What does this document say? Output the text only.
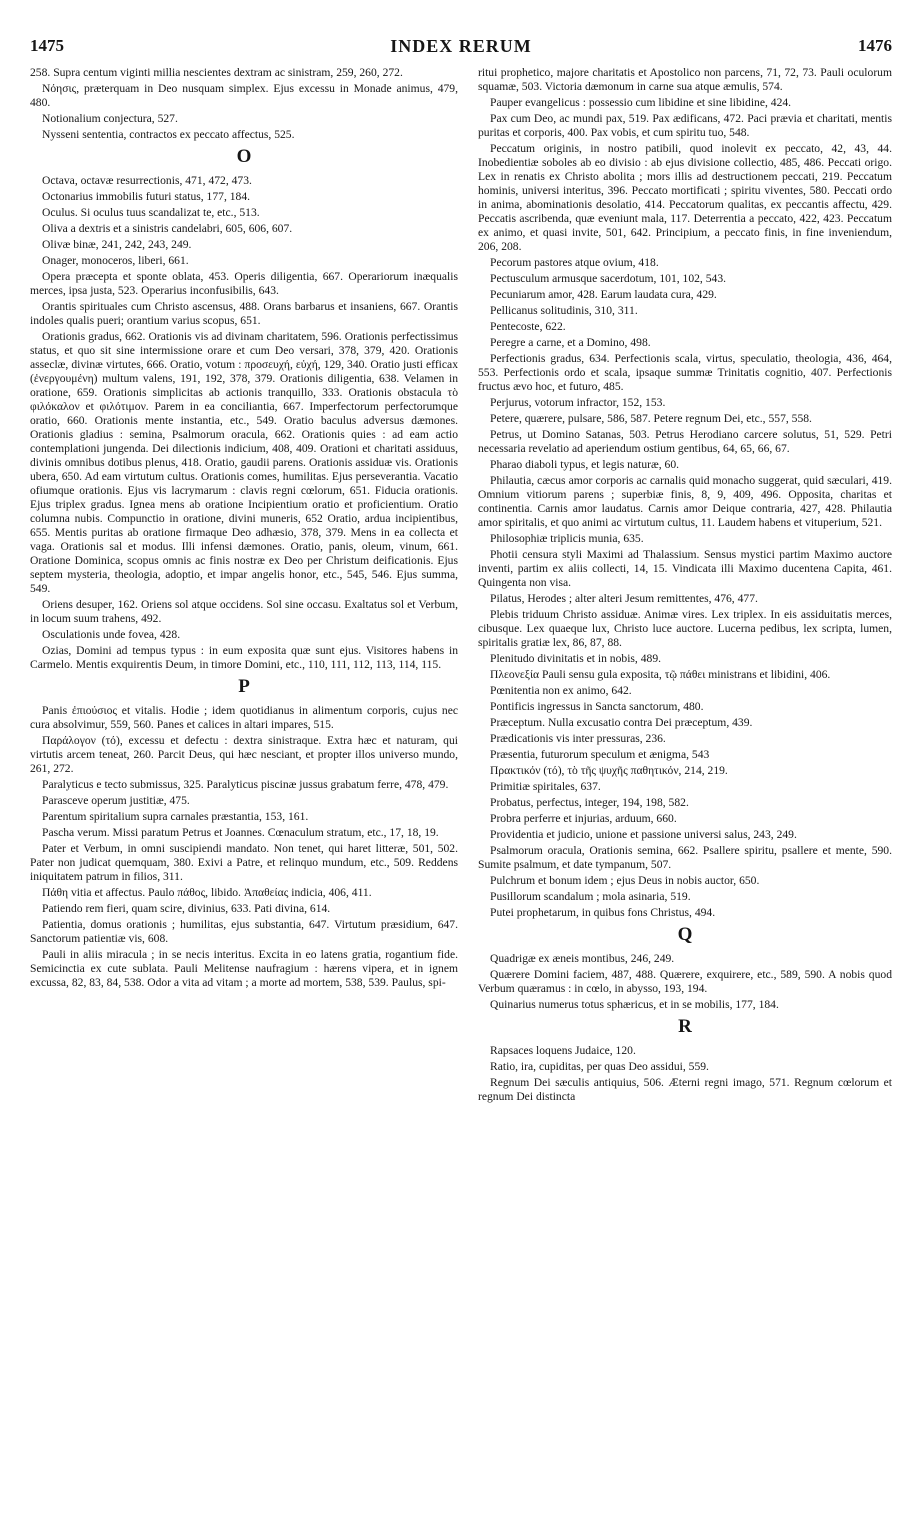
1475	INDEX RERUM	1476

258. Supra centum viginti millia nescientes dextram ac sinistram, 259, 260, 272.

Νόησις, præterquam in Deo nusquam simplex. Ejus excessu in Monade animus, 479, 480.

Notionalium conjectura, 527.

Nysseni sententia, contractos ex peccato affectus, 525.

O

Octava, octavæ resurrectionis, 471, 472, 473.

Octonarius immobilis futuri status, 177, 184.

Oculus. Si oculus tuus scandalizat te, etc., 513.

Oliva a dextris et a sinistris candelabri, 605, 606, 607.

Olivæ binæ, 241, 242, 243, 249.

Onager, monoceros, liberi, 661.

Opera præcepta et sponte oblata, 453. Operis diligentia, 667. Operariorum inæqualis merces, ipsa justa, 523. Operarius inconfusibilis, 643.

Orantis spirituales cum Christo ascensus, 488. Orans barbarus et insaniens, 667. Orantis indoles qualis pueri; orantium varius scopus, 651.

Orationis gradus, 662. Orationis vis ad divinam charitatem, 596. Orationis perfectissimus status, et quo sit sine intermissione orare et cum Deo versari, 378, 379, 420. Orationis asseclæ, divinæ virtutes, 666. Oratio, votum : προσευχή, εὐχή, 129, 340. Oratio justi efficax (ἐνεργουμένη) multum valens, 191, 192, 378, 379. Orationis diligentia, 638. Velamen in oratione, 659. Orationis simplicitas ab actionis tranquillo, 333. Orationis obstacula τὸ φιλόκαλον et φιλότιμον. Parem in ea conciliantia, 667. Imperfectorum perfectorumque oratio, 660. Orationis mente instantia, etc., 549. Oratio baculus adversus dæmones. Orationis gladius : semina, Psalmorum oracula, 662. Orationis quies : ad eam actio contemplationi jungenda. Dei dilectionis indicium, 408, 409. Orationi et charitati assiduus, divinis omnibus dotibus plenus, 418. Oratio, gaudii parens. Orationis assiduæ vis. Orationis ubera, 650. Ad eam virtutum cultus. Orationis comes, humilitas. Ejus perseverantia. Vacatio ofiumque orationis. Ejus vis lacrymarum : clavis regni cœlorum, 651. Fiducia orationis. Ejus triplex gradus. Ignea mens ab oratione Incipientium oratio et proficientium. Oratio columna nubis. Compunctio in oratione, divini muneris, 652 Oratio, ardua incipientibus, 655. Mentis puritas ab oratione firmaque Deo adhæsio, 378, 379. Mens in ea collecta et vaga. Orationis sal et modus. Illi infensi dæmones. Oratio, panis, oleum, vinum, 661. Oratione Dominica, scopus omnis ac finis nostræ ex Deo per Christum deificationis. Ejus septem mysteria, theologia, adoptio, et impar angelis honor, etc., 545, 546. Ejus summa, 549.

Oriens desuper, 162. Oriens sol atque occidens. Sol sine occasu. Exaltatus sol et Verbum, in locum suum trahens, 492.

Osculationis unde fovea, 428.

Ozias, Domini ad tempus typus : in eum exposita quæ sunt ejus. Visitores habens in Carmelo. Mentis exquirentis Deum, in timore Domini, etc., 110, 111, 112, 113, 114, 115.

P

Panis ἐπιούσιος et vitalis. Hodie ; idem quotidianus in alimentum corporis, cujus nec cura absolvimur, 559, 560. Panes et calices in altari impares, 515.

Παράλογον (τό), excessu et defectu : dextra sinistraque. Extra hæc et naturam, qui virtutis arcem teneat, 260. Parcit Deus, qui hæc nesciant, et propter illos universo mundo, 261, 272.

Paralyticus e tecto submissus, 325. Paralyticus piscinæ jussus grabatum ferre, 478, 479.

Parasceve operum justitiæ, 475.

Parentum spiritalium supra carnales præstantia, 153, 161.

Pascha verum. Missi paratum Petrus et Joannes. Cœnaculum stratum, etc., 17, 18, 19.

Pater et Verbum, in omni suscipiendi mandato. Non tenet, qui haret litteræ, 501, 502. Pater non judicat quemquam, 380. Exivi a Patre, et relinquo mundum, etc., 509. Reddens iniquitatem patrum in filios, 311.

Πάθη vitia et affectus. Paulo πάθος, libido. Ἀπαθείας indicia, 406, 411.

Patiendo rem fieri, quam scire, divinius, 633. Pati divina, 614.

Patientia, domus orationis ; humilitas, ejus substantia, 647. Virtutum præsidium, 647. Sanctorum patientiæ vis, 608.

Pauli in aliis miracula ; in se necis interitus. Excita in eo latens gratia, rogantium fide. Semicinctia ex cute sublata. Pauli Melitense naufragium : hærens vipera, et in ignem excussa, 82, 83, 84, 538. Odor a vita ad vitam ; a morte ad mortem, 538, 539. Paulus, spi-

ritui prophetico, majore charitatis et Apostolico non parcens, 71, 72, 73. Pauli oculorum squamæ, 503. Victoria dæmonum in carne sua atque æmulis, 574.

Pauper evangelicus : possessio cum libidine et sine libidine, 424.

Pax cum Deo, ac mundi pax, 519. Pax ædificans, 472. Paci prævia et charitati, mentis puritas et corporis, 400. Pax vobis, et cum spiritu tuo, 548.

Peccatum originis, in nostro patibili, quod inolevit ex peccato, 42, 43, 44. Inobedientiæ soboles ab eo divisio : ab ejus divisione collectio, 485, 486. Peccati origo. Lex in renatis ex Christo abolita ; mors illis ad destructionem peccati, 219. Peccatum hominis, universi interitus, 396. Peccato mortificati ; spiritu viventes, 580. Peccati ordo in anima, abominationis desolatio, 414. Peccatorum qualitas, ex peccantis affectu, 429. Peccatis ascribenda, quæ eveniunt mala, 117. Deterrentia a peccato, 422, 423. Peccatum ex animo, et quasi invite, 501, 642. Principium, a peccato finis, in fine inveniendum, 206, 208.

Pecorum pastores atque ovium, 418.

Pectusculum armusque sacerdotum, 101, 102, 543.

Pecuniarum amor, 428. Earum laudata cura, 429.

Pellicanus solitudinis, 310, 311.

Pentecoste, 622.

Peregre a carne, et a Domino, 498.

Perfectionis gradus, 634. Perfectionis scala, virtus, speculatio, theologia, 436, 464, 553. Perfectionis ordo et scala, ipsaque summæ Trinitatis cognitio, 407. Perfectionis fructus ævo hoc, et futuro, 485.

Perjurus, votorum infractor, 152, 153.

Petere, quærere, pulsare, 586, 587. Petere regnum Dei, etc., 557, 558.

Petrus, ut Domino Satanas, 503. Petrus Herodiano carcere solutus, 51, 529. Petri necessaria revelatio ad aperiendum ostium gentibus, 64, 65, 66, 67.

Pharao diaboli typus, et legis naturæ, 60.

Philautia, cæcus amor corporis ac carnalis quid monacho suggerat, quid sæculari, 419. Omnium vitiorum parens ; superbiæ finis, 8, 9, 409, 496. Opposita, charitas et continentia. Carnis amor laudatus. Carnis amor Deique contraria, 427, 428. Philautia amor spiritalis, et quo animi ac virtutum cultus, 11. Laudem habens et vituperium, 521.

Philosophiæ triplicis munia, 635.

Photii censura styli Maximi ad Thalassium. Sensus mystici partim Maximo auctore inventi, partim ex aliis collecti, 14, 15. Vindicata illi Maximo ducentena Capita, 461. Quingenta non visa.

Pilatus, Herodes ; alter alteri Jesum remittentes, 476, 477.

Plebis triduum Christo assiduæ. Animæ vires. Lex triplex. In eis assiduitatis merces, cibusque. Lex quaeque lux, Christo luce auctore. Lucerna pedibus, lex scripta, lumen, spiritalis gratiæ lex, 86, 87, 88.

Plenitudo divinitatis et in nobis, 489.

Πλεονεξία Pauli sensu gula exposita, τῷ πάθει ministrans et libidini, 406.

Pœnitentia non ex animo, 642.

Pontificis ingressus in Sancta sanctorum, 480.

Præceptum. Nulla excusatio contra Dei præceptum, 439.

Prædicationis vis inter pressuras, 236.

Præsentia, futurorum speculum et ænigma, 543

Πρακτικόν (τό), τὸ τῆς ψυχῆς παθητικόν, 214, 219.

Primitiæ spiritales, 637.

Probatus, perfectus, integer, 194, 198, 582.

Probra perferre et injurias, arduum, 660.

Providentia et judicio, unione et passione universi salus, 243, 249.

Psalmorum oracula, Orationis semina, 662. Psallere spiritu, psallere et mente, 590. Sumite psalmum, et date tympanum, 507.

Pulchrum et bonum idem ; ejus Deus in nobis auctor, 650.

Pusillorum scandalum ; mola asinaria, 519.

Putei prophetarum, in quibus fons Christus, 494.

Q

Quadrigæ ex æneis montibus, 246, 249.

Quærere Domini faciem, 487, 488. Quærere, exquirere, etc., 589, 590. A nobis quod Verbum quæramus : in cœlo, in abysso, 193, 194.

Quinarius numerus totus sphæricus, et in se mobilis, 177, 184.

R

Rapsaces loquens Judaice, 120.

Ratio, ira, cupiditas, per quas Deo assidui, 559.

Regnum Dei sæculis antiquius, 506. Æterni regni imago, 571. Regnum cœlorum et regnum Dei distincta
